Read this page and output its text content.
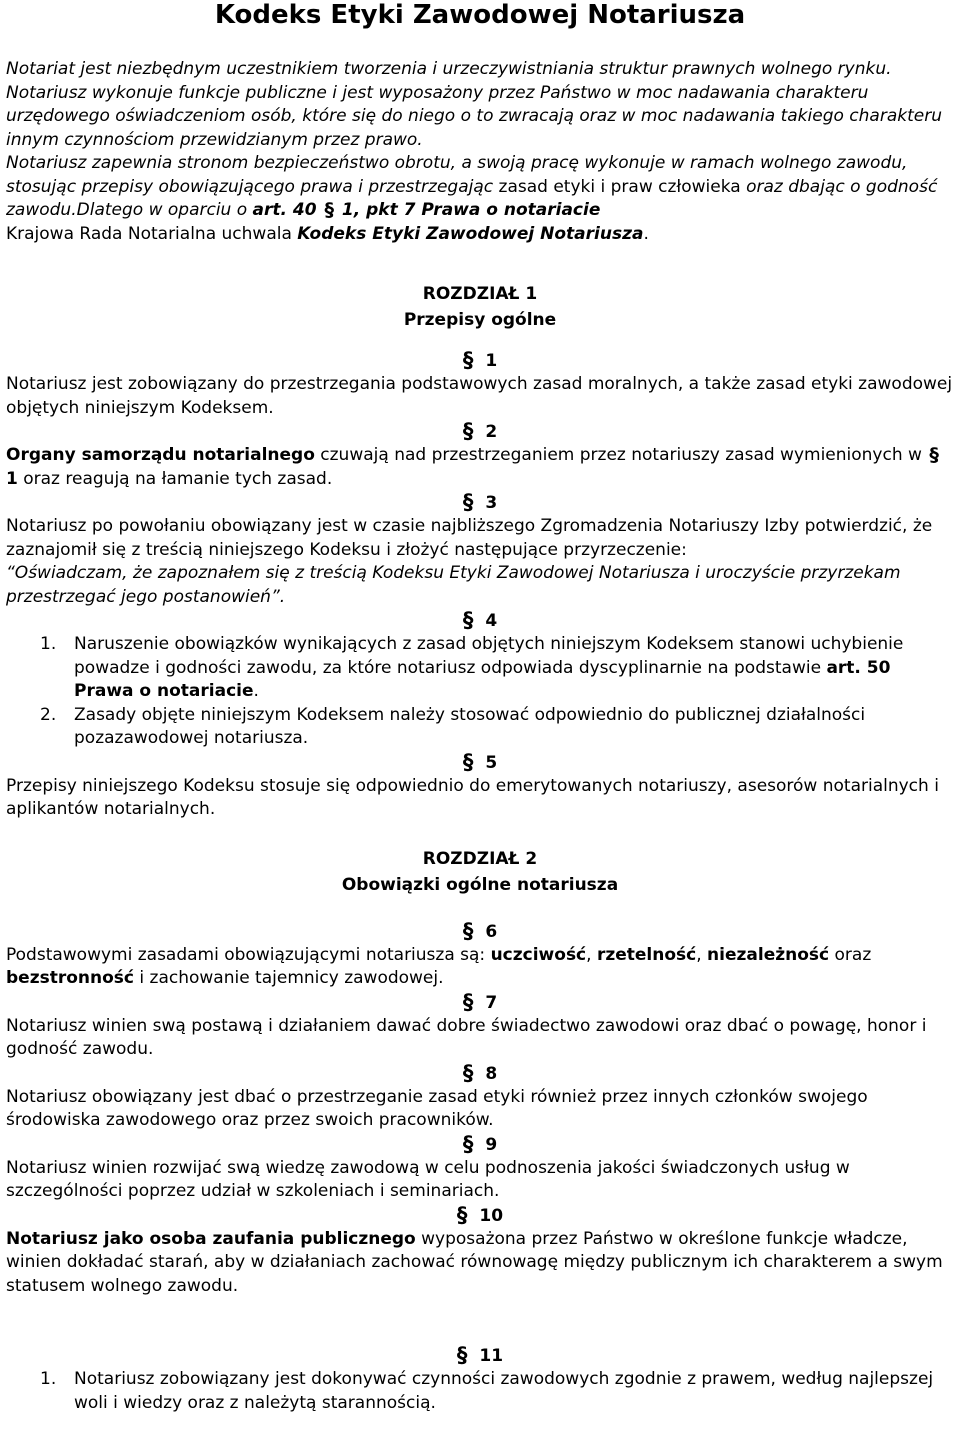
Kodeks Etyki Zawodowej Notariusza

Notariat jest niezbędnym uczestnikiem tworzenia i urzeczywistniania struktur prawnych wolnego rynku. Notariusz wykonuje funkcje publiczne i jest wyposażony przez Państwo w moc nadawania charakteru urzędowego oświadczeniom osób, które się do niego o to zwracają oraz w moc nadawania takiego charakteru innym czynnościom przewidzianym przez prawo.

Notariusz zapewnia stronom bezpieczeństwo obrotu, a swoją pracę wykonuje w ramach wolnego zawodu, stosując przepisy obowiązującego prawa i przestrzegając zasad etyki i praw człowieka oraz dbając o godność zawodu.Dlatego w oparciu o art. 40 § 1, pkt 7 Prawa o notariacie
Krajowa Rada Notarialna uchwala Kodeks Etyki Zawodowej Notariusza.

ROZDZIAŁ 1

Przepisy ogólne

§ 1

Notariusz jest zobowiązany do przestrzegania podstawowych zasad moralnych, a także zasad etyki zawodowej objętych niniejszym Kodeksem.

§ 2

Organy samorządu notarialnego czuwają nad przestrzeganiem przez notariuszy zasad wymienionych w § 1 oraz reagują na łamanie tych zasad.

§ 3

Notariusz po powołaniu obowiązany jest w czasie najbliższego Zgromadzenia Notariuszy Izby potwierdzić, że zaznajomił się z treścią niniejszego Kodeksu i złożyć następujące przyrzeczenie:

“Oświadczam, że zapoznałem się z treścią Kodeksu Etyki Zawodowej Notariusza i uroczyście przyrzekam przestrzegać jego postanowień”.

§ 4

1.	Naruszenie obowiązków wynikających z zasad objętych niniejszym Kodeksem stanowi uchybienie powadze i godności zawodu, za które notariusz odpowiada dyscyplinarnie na podstawie art. 50 Prawa o notariacie.
2.	Zasady objęte niniejszym Kodeksem należy stosować odpowiednio do publicznej działalności pozazawodowej notariusza.

§ 5

Przepisy niniejszego Kodeksu stosuje się odpowiednio do emerytowanych notariuszy, asesorów notarialnych i aplikantów notarialnych.

ROZDZIAŁ 2

Obowiązki ogólne notariusza

§ 6

Podstawowymi zasadami obowiązującymi notariusza są: uczciwość, rzetelność, niezależność oraz bezstronność i zachowanie tajemnicy zawodowej.

§ 7

Notariusz winien swą postawą i działaniem dawać dobre świadectwo zawodowi oraz dbać o powagę, honor i godność zawodu.

§ 8

Notariusz obowiązany jest dbać o przestrzeganie zasad etyki również przez innych członków swojego środowiska zawodowego oraz przez swoich pracowników.

§ 9

Notariusz winien rozwijać swą wiedzę zawodową w celu podnoszenia jakości świadczonych usług w szczególności poprzez udział w szkoleniach i seminariach.

§ 10

Notariusz jako osoba zaufania publicznego wyposażona przez Państwo w określone funkcje władcze, winien dokładać starań, aby w działaniach zachować równowagę między publicznym ich charakterem a swym statusem wolnego zawodu.

§ 11

1.	Notariusz zobowiązany jest dokonywać czynności zawodowych zgodnie z prawem, według najlepszej woli i wiedzy oraz z należytą starannością.
